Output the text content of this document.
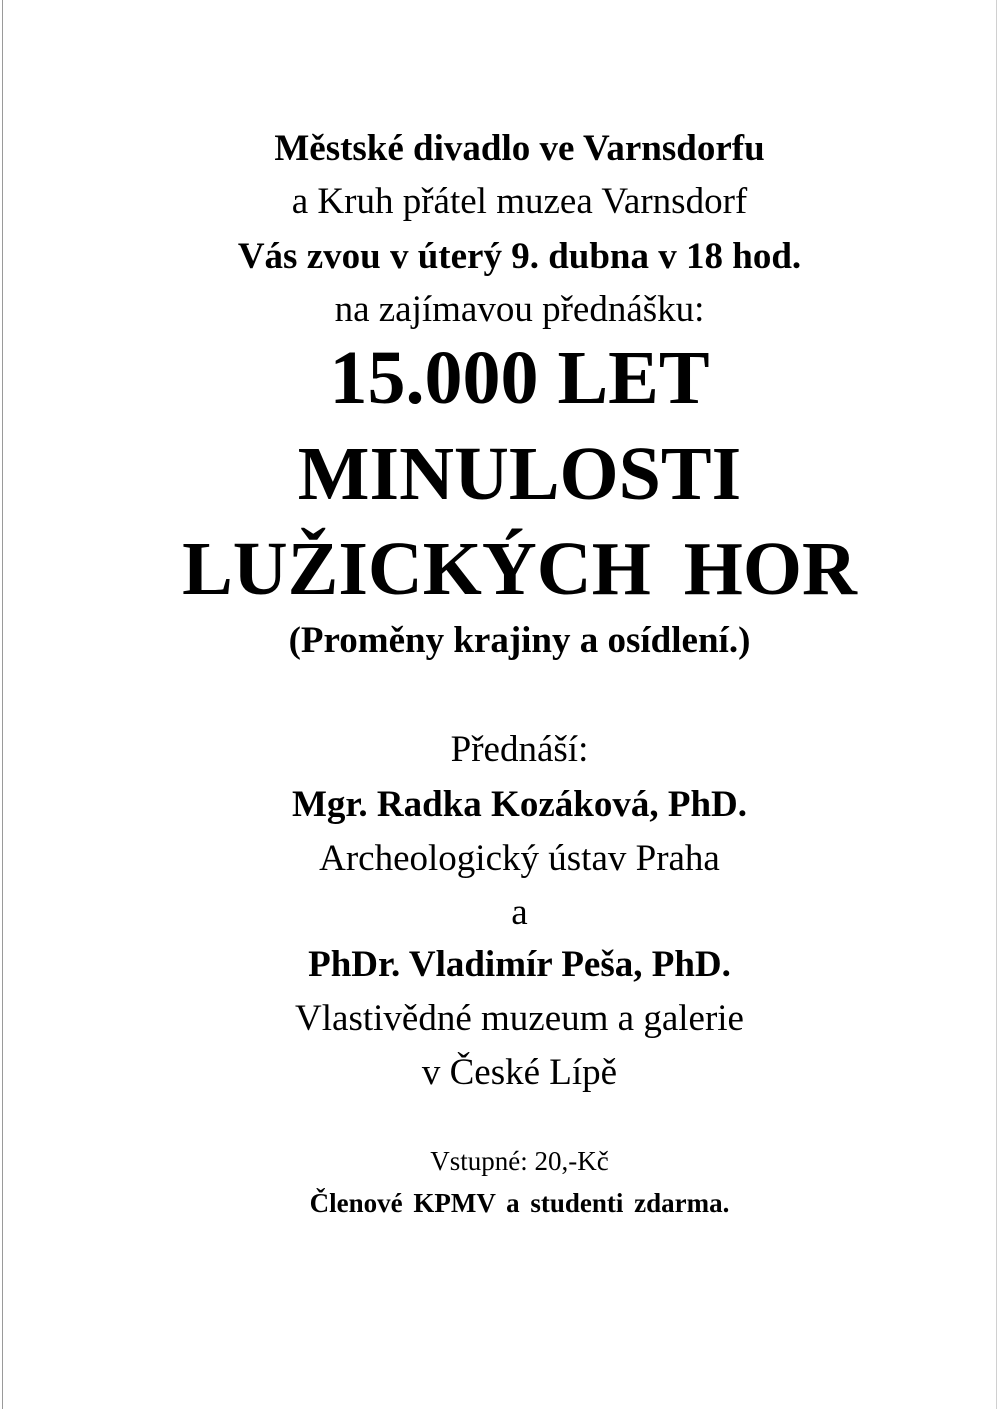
Městské divadlo ve Varnsdorfu
a Kruh přátel muzea Varnsdorf
Vás zvou v úterý 9. dubna v 18 hod.
na zajímavou přednášku:
15.000 LET
MINULOSTI
LUŽICKÝCH HOR
(Proměny krajiny a osídlení.)
Přednáší:
Mgr. Radka Kozáková, PhD.
Archeologický ústav Praha
a
PhDr. Vladimír Peša, PhD.
Vlastivědné muzeum a galerie
v České Lípě
Vstupné: 20,-Kč
Členové KPMV a studenti zdarma.
